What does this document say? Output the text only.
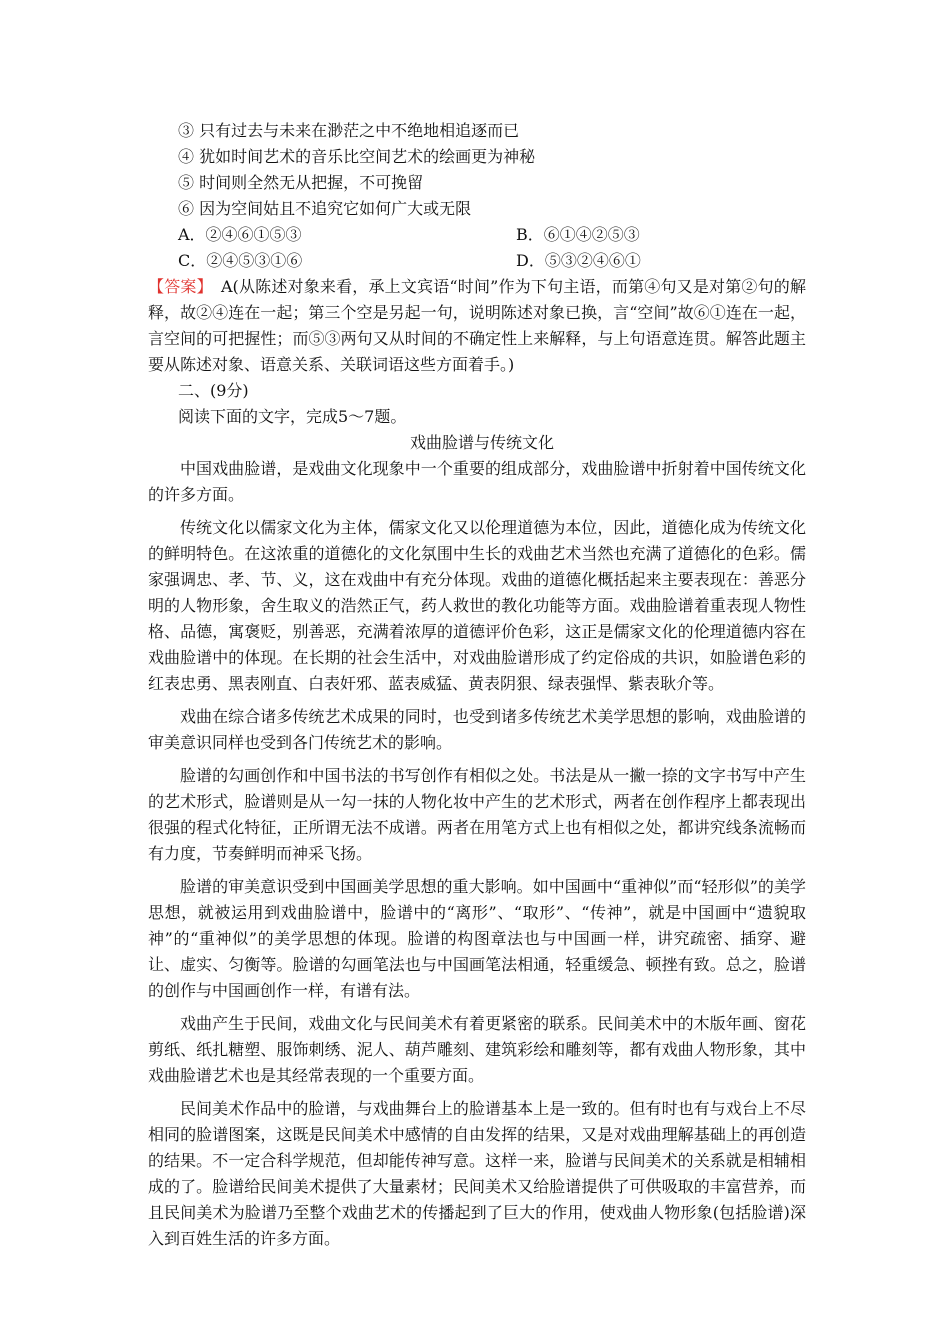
③ 只有过去与未来在渺茫之中不绝地相追逐而已

④ 犹如时间艺术的音乐比空间艺术的绘画更为神秘

⑤ 时间则全然无从把握，不可挽留

⑥ 因为空间姑且不追究它如何广大或无限

A．②④⑥①⑤③	B．⑥①④②⑤③
C．②④⑤③①⑥	D．⑤③②④⑥①

【答案】　A(从陈述对象来看，承上文宾语“时间”作为下句主语，而第④句又是对第②句的解释，故②④连在一起；第三个空是另起一句，说明陈述对象已换，言“空间”故⑥①连在一起，言空间的可把握性；而⑤③两句又从时间的不确定性上来解释，与上句语意连贯。解答此题主要从陈述对象、语意关系、关联词语这些方面着手。)

二、(9分)

阅读下面的文字，完成5～7题。

戏曲脸谱与传统文化

中国戏曲脸谱，是戏曲文化现象中一个重要的组成部分，戏曲脸谱中折射着中国传统文化的许多方面。

传统文化以儒家文化为主体，儒家文化又以伦理道德为本位，因此，道德化成为传统文化的鲜明特色。在这浓重的道德化的文化氛围中生长的戏曲艺术当然也充满了道德化的色彩。儒家强调忠、孝、节、义，这在戏曲中有充分体现。戏曲的道德化概括起来主要表现在：善恶分明的人物形象，舍生取义的浩然正气，药人救世的教化功能等方面。戏曲脸谱着重表现人物性格、品德，寓褒贬，别善恶，充满着浓厚的道德评价色彩，这正是儒家文化的伦理道德内容在戏曲脸谱中的体现。在长期的社会生活中，对戏曲脸谱形成了约定俗成的共识，如脸谱色彩的红表忠勇、黑表刚直、白表奸邪、蓝表威猛、黄表阴狠、绿表强悍、紫表耿介等。

戏曲在综合诸多传统艺术成果的同时，也受到诸多传统艺术美学思想的影响，戏曲脸谱的审美意识同样也受到各门传统艺术的影响。

脸谱的勾画创作和中国书法的书写创作有相似之处。书法是从一撇一捺的文字书写中产生的艺术形式，脸谱则是从一勾一抹的人物化妆中产生的艺术形式，两者在创作程序上都表现出很强的程式化特征，正所谓无法不成谱。两者在用笔方式上也有相似之处，都讲究线条流畅而有力度，节奏鲜明而神采飞扬。

脸谱的审美意识受到中国画美学思想的重大影响。如中国画中“重神似”而“轻形似”的美学思想，就被运用到戏曲脸谱中，脸谱中的“离形”、“取形”、“传神”，就是中国画中“遗貌取神”的“重神似”的美学思想的体现。脸谱的构图章法也与中国画一样，讲究疏密、插穿、避让、虚实、匀衡等。脸谱的勾画笔法也与中国画笔法相通，轻重缓急、顿挫有致。总之，脸谱的创作与中国画创作一样，有谱有法。

戏曲产生于民间，戏曲文化与民间美术有着更紧密的联系。民间美术中的木版年画、窗花剪纸、纸扎糖塑、服饰刺绣、泥人、葫芦雕刻、建筑彩绘和雕刻等，都有戏曲人物形象，其中戏曲脸谱艺术也是其经常表现的一个重要方面。

民间美术作品中的脸谱，与戏曲舞台上的脸谱基本上是一致的。但有时也有与戏台上不尽相同的脸谱图案，这既是民间美术中感情的自由发挥的结果，又是对戏曲理解基础上的再创造的结果。不一定合科学规范，但却能传神写意。这样一来，脸谱与民间美术的关系就是相辅相成的了。脸谱给民间美术提供了大量素材；民间美术又给脸谱提供了可供吸取的丰富营养，而且民间美术为脸谱乃至整个戏曲艺术的传播起到了巨大的作用，使戏曲人物形象(包括脸谱)深入到百姓生活的许多方面。
